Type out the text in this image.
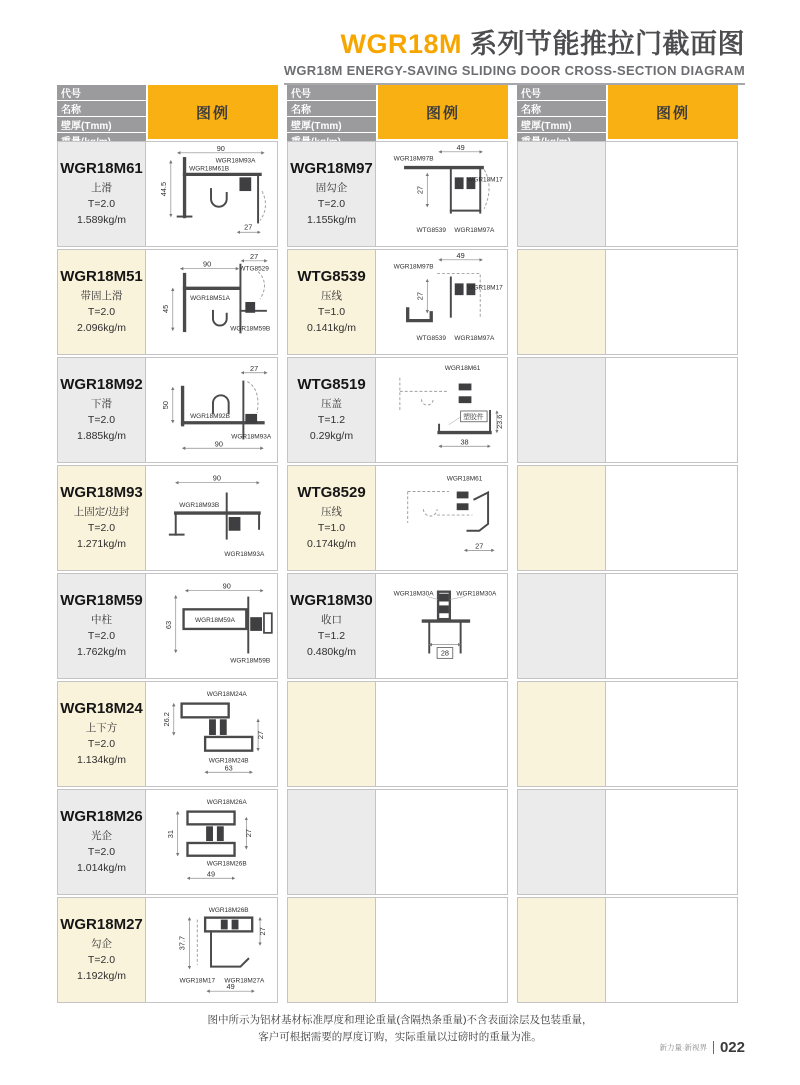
WGR18M 系列节能推拉门截面图
WGR18M ENERGY-SAVING SLIDING DOOR CROSS-SECTION DIAGRAM
代号
名称
壁厚(Tmm)
图例
WGR18M61
上滑
T=2.0
1.589kg/m
90
WGR18M93A
WGR18M61B
44.5
27
WGR18M51
带固上滑
T=2.0
2.096kg/m
27
90
WTG8529
WGR18M51A
45
WGR18M59B
WGR18M92
下滑
T=2.0
1.885kg/m
27
50
WGR18M92B
90
WGR18M93A
WGR18M93
上固定/边封
T=2.0
1.271kg/m
90
WGR18M93B
WGR18M93A
WGR18M59
中柱
T=2.0
1.762kg/m
90
63
WGR18M59A
WGR18M59B
WGR18M24
上下方
T=2.0
1.134kg/m
WGR18M24A
26.2
27
WGR18M24B
63
WGR18M26
光企
T=2.0
1.014kg/m
WGR18M26A
31	27
WGR18M26B
49
WGR18M27
勾企
T=2.0
1.192kg/m
WGR18M26B
37.7
27
WGR18M17 WGR18M27A
49
代号
名称
壁厚(Tmm)
图例
WGR18M97
固勾企
T=2.0
1.155kg/m
49
WGR18M97B
WGR18M17
27
WTG8539 WGR18M97A
WTG8539
压线
T=1.0
0.141kg/m
49
WGR18M97B
WGR18M17
27
WTG8539 WGR18M97A
WTG8519
压盖
T=1.2
0.29kg/m
WGR18M61
塑胶件 23.6
38
WTG8529
压线
T=1.0
0.174kg/m
WGR18M61
27
WGR18M30
收口
T=1.2
0.480kg/m
WGR18M30A	WGR18M30A
28
代号
名称
壁厚(Tmm)
图例
图中所示为铝材基材标准厚度和理论重量(含隔热条重量)不含表面涂层及包装重量，
客户可根据需要的厚度订购，实际重量以过磅时的重量为准。
新力量·新视界 022
